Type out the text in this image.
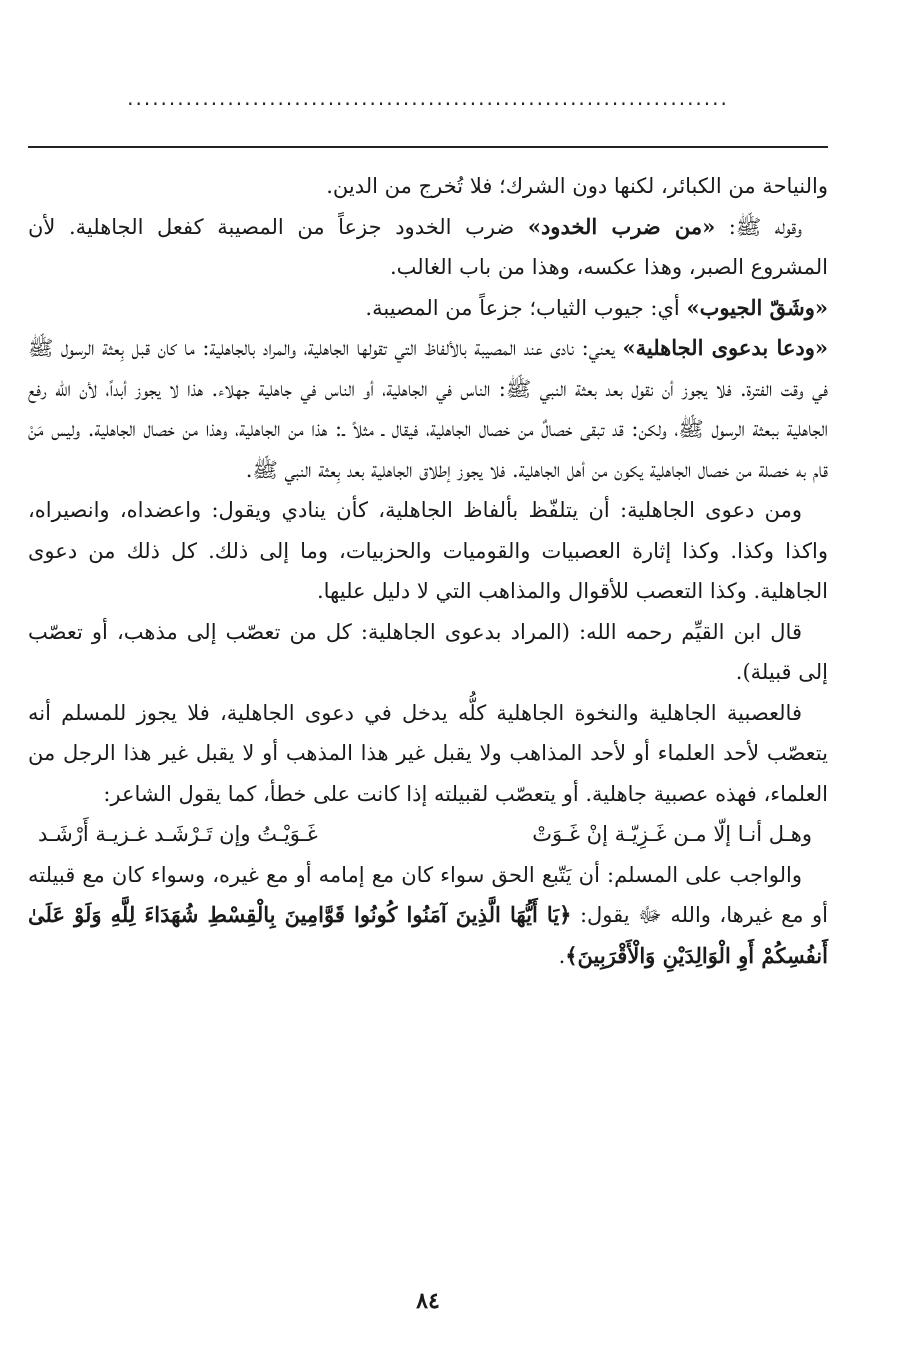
........................................................................

والنياحة من الكبائر، لكنها دون الشرك؛ فلا تُخرج من الدين.

وقوله ﷺ: «من ضرب الخدود» ضرب الخدود جزعاً من المصيبة كفعل الجاهلية. لأن المشروع الصبر، وهذا عكسه، وهذا من باب الغالب.

«وشَقّ الجيوب» أي: جيوب الثياب؛ جزعاً من المصيبة.

«ودعا بدعوى الجاهلية» يعني: نادى عند المصيبة بالألفاظ التي تقولها الجاهلية، والمراد بالجاهلية: ما كان قبل بِعثة الرسول ﷺ في وقت الفترة. فلا يجوز أن نقول بعد بعثة النبي ﷺ: الناس في الجاهلية، أو الناس في جاهلية جهلاء. هذا لا يجوز أبداً، لأن الله رفع الجاهلية ببعثة الرسول ﷺ، ولكن: قد تبقى خصالٌ من خصال الجاهلية، فيقال ـ مثلاً ـ: هذا من الجاهلية، وهذا من خصال الجاهلية. وليس مَنْ قام به خصلة من خصال الجاهلية يكون من أهل الجاهلية. فلا يجوز إطلاق الجاهلية بعد بِعثة النبي ﷺ.

ومن دعوى الجاهلية: أن يتلفّظ بألفاظ الجاهلية، كأن ينادي ويقول: واعضداه، وانصيراه، واكذا وكذا. وكذا إثارة العصبيات والقوميات والحزبيات، وما إلى ذلك. كل ذلك من دعوى الجاهلية. وكذا التعصب للأقوال والمذاهب التي لا دليل عليها.

قال ابن القيِّم رحمه الله: (المراد بدعوى الجاهلية: كل من تعصّب إلى مذهب، أو تعصّب إلى قبيلة).

فالعصبية الجاهلية والنخوة الجاهلية كلُّه يدخل في دعوى الجاهلية، فلا يجوز للمسلم أنه يتعصّب لأحد العلماء أو لأحد المذاهب ولا يقبل غير هذا المذهب أو لا يقبل غير هذا الرجل من العلماء، فهذه عصبية جاهلية. أو يتعصّب لقبيلته إذا كانت على خطأ، كما يقول الشاعر:

وهـل أنـا إلّا مـن غَـزِيّـة إنْ غَـوَتْ
غَـوَيْـتُ وإن تَـرْشَـد غـزيـة أَرْشَـد

والواجب على المسلم: أن يَتّبع الحق سواء كان مع إمامه أو مع غيره، وسواء كان مع قبيلته أو مع غيرها، والله ﷻ يقول: ﴿يَا أَيُّهَا الَّذِينَ آمَنُوا كُونُوا قَوَّامِينَ بِالْقِسْطِ شُهَدَاءَ لِلَّهِ وَلَوْ عَلَىٰ أَنفُسِكُمْ أَوِ الْوَالِدَيْنِ وَالْأَقْرَبِينَ﴾.

٨٤
